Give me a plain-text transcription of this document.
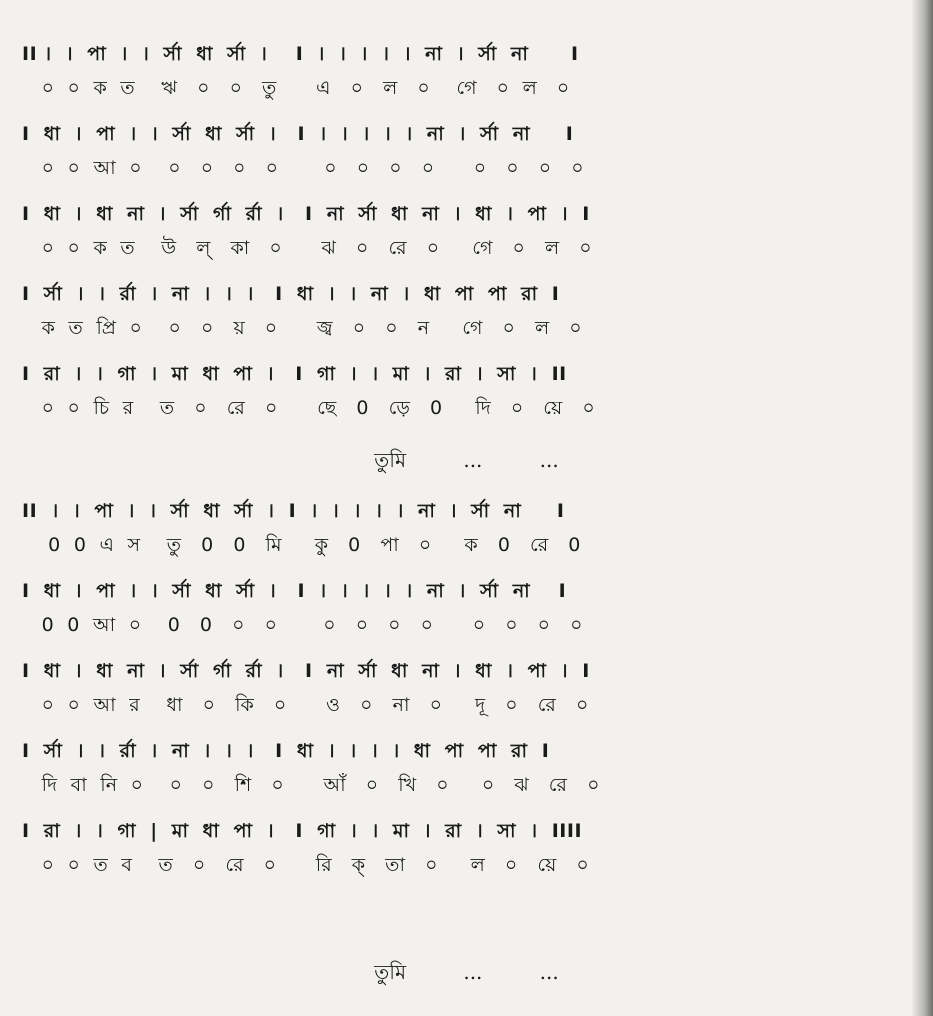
II ।  ।  পা  ।  ।  র্সা  ধা  র্সা  ।    I  ।  ।  ।  ।  ।  না  ।  র্সা  না      I
০  ০  ক  ত    ঋ   ০   ০   তু      এ   ০   ল   ০    গে   ০  ল   ০
I  ধা  ।  পা  ।  ।  র্সা  ধা  র্সা  ।   I  ।  ।  ।  ।  ।  না  ।  র্সা  না     I
০  ০  আ  ০    ০   ০   ০   ০       ০   ০   ০   ০      ০   ০   ০   ০
I  ধা  ।  ধা  না  ।  র্সা  র্গা  র্রা  ।   I  না  র্সা  ধা  না  ।  ধা  ।  পা  ।  I
০  ০  ক  ত    উ   ল্   কা   ০      ঝ   ০   রে   ০     গে   ০   ল   ০
I  র্সা  ।  ।  র্রা  ।  না  ।  ।  ।   I  ধা  ।  ।  না  ।  ধা  পা  পা  রা  I
ক  ত  প্রি  ০    ০   ০   য়   ০      জ্ব   ০   ০   ন     গে   ০   ল   ০
I  রা  ।  ।  গা  ।  মা  ধা  পা  ।   I  গা  ।  ।  মা  ।  রা  ।  সা  ।  II
০  ০  চি  র    ত   ০   রে   ০      ছে   0   ড়ে   0     দি   ০   য়ে   ০
তুমি         ...         ...
II  ।  ।  পা  ।  ।  র্সা  ধা  র্সা  ।  I  ।  ।  ।  ।  ।  না  ।  র্সা  না     I
0  0  এ  স    তু   0   0   মি     কু   0   পা   ০     ক   0   রে   0
I  ধা  ।  পা  ।  ।  র্সা  ধা  র্সা  ।   I  ।  ।  ।  ।  ।  না  ।  র্সা  না    I
0  0  আ  ০    0   0   ০   ০       ০   ০   ০   ০      ০   ০   ০   ০
I  ধা  ।  ধা  না  ।  র্সা  র্গা  র্রা  ।   I  না  র্সা  ধা  না  ।  ধা  ।  পা  ।  I
০  ০  আ  র    ধা   ০   কি   ০      ও   ০   না   ০     দূ   ০   রে   ০
I  র্সা  ।  ।  র্রা  ।  না  ।  ।  ।   I  ধা  ।  ।  ।  ।  ধা  পা  পা  রা  I
দি  বা  নি  ০    ০   ০   শি   ০      আঁ   ০   খি   ০     ০   ঝ   রে   ০
I  রা  ।  ।  গা  |  মা  ধা  পা  ।   I  গা  ।  ।  মা  ।  রা  ।  সা  ।  IIII
০  ০  ত  ব    ত   ০   রে   ০      রি   ক্   তা   ০     ল   ০   য়ে   ০
তুমি         ...         ...
